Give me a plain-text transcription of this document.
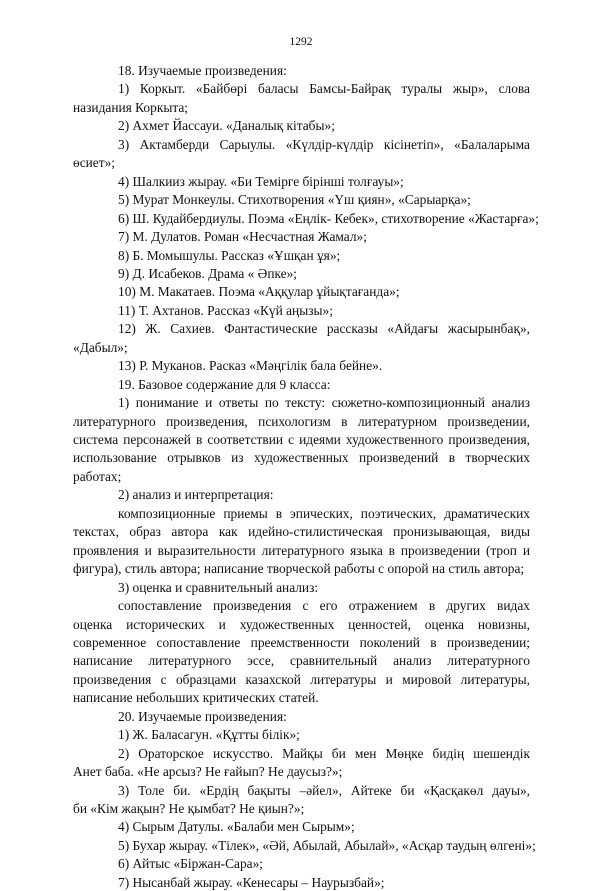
1292
18. Изучаемые произведения:
1) Коркыт. «Байбөрі баласы Бамсы-Байрақ туралы жыр», слова
назидания Коркыта;
2) Ахмет Йассауи. «Даналық кітабы»;
3) Актамберди Сарыулы. «Күлдір-күлдір кісінетіп», «Балаларыма
өсиет»;
4) Шалкииз жырау. «Би Темірге бірінші толғауы»;
5) Мурат Монкеулы. Стихотворения «Үш қиян», «Сарыарқа»;
6) Ш. Кудайбердиулы. Поэма «Еңлік- Кебек», стихотворение «Жастарға»;
7) М. Дулатов. Роман «Несчастная Жамал»;
8) Б. Момышулы. Рассказ «Ұшқан ұя»;
9) Д. Исабеков. Драма « Әпке»;
10) М. Макатаев. Поэма «Аққулар ұйықтағанда»;
11) Т. Ахтанов. Рассказ «Күй аңызы»;
12) Ж. Сахиев. Фантастические рассказы «Айдағы жасырынбақ»,
«Дабыл»;
13) Р. Муканов. Расказ «Мәңгілік бала бейне».
19. Базовое содержание для 9 класса:
1) понимание и ответы по тексту: сюжетно-композиционный анализ
литературного произведения, психологизм в литературном произведении,
система персонажей в соответствии с идеями художественного произведения,
использование отрывков из художественных произведений в творческих
работах;
2) анализ и интерпретация:
композиционные приемы в эпических, поэтических, драматических
текстах, образ автора как идейно-стилистическая пронизывающая, виды
проявления и выразительности литературного языка в произведении (троп и
фигура), стиль автора; написание творческой работы с опорой на стиль автора;
3) оценка и сравнительный анализ:
сопоставление произведения с его отражением в других видах
оценка исторических и художественных ценностей, оценка новизны,
современное сопоставление преемственности поколений в произведении;
написание литературного эссе, сравнительный анализ литературного
произведения с образцами казахской литературы и мировой литературы,
написание небольших критических статей.
20. Изучаемые произведения:
1) Ж. Баласагун. «Құтты білік»;
2) Ораторское искусство. Майқы би мен Мөңке бидің шешендік
Анет баба. «Не арсыз? Не ғайып? Не даусыз?»;
3) Толе би. «Ердің бақыты –әйел», Айтеке би «Қасқакөл дауы»,
би «Кім жақын? Не қымбат? Не қиын?»;
4) Сырым Датулы. «Балаби мен Сырым»;
5) Бухар жырау. «Тілек», «Әй, Абылай, Абылай», «Асқар таудың өлгені»;
6) Айтыс «Біржан-Сара»;
7) Нысанбай жырау. «Кенесары – Наурызбай»;
